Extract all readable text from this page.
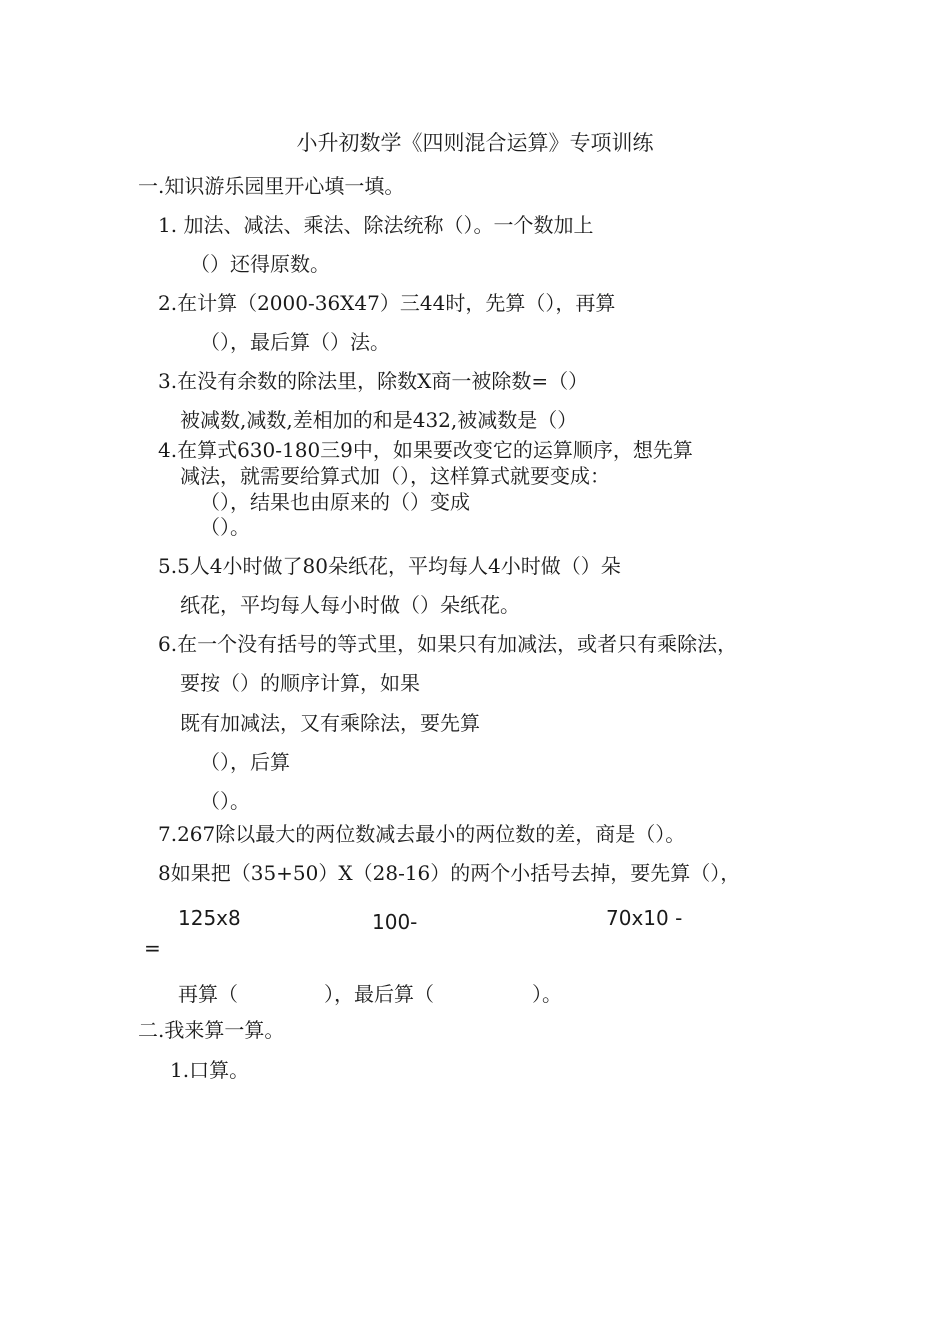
小升初数学《四则混合运算》专项训练
一.知识游乐园里开心填一填。
1. 加法、减法、乘法、除法统称（）。一个数加上
（）还得原数。
2.在计算（2000-36X47）三44时，先算（），再算
（），最后算（）法。
3.在没有余数的除法里，除数X商一被除数=（）
被减数,减数,差相加的和是432,被减数是（）
4.在算式630-180三9中，如果要改变它的运算顺序，想先算
减法，就需要给算式加（），这样算式就要变成：
（），结果也由原来的（）变成
（）。
5.5人4小时做了80朵纸花，平均每人4小时做（）朵
纸花，平均每人每小时做（）朵纸花。
6.在一个没有括号的等式里，如果只有加减法，或者只有乘除法，
要按（）的顺序计算，如果
既有加减法，又有乘除法，要先算
（），后算
（）。
7.267除以最大的两位数减去最小的两位数的差，商是（）。
8如果把（35+50）X（28-16）的两个小括号去掉，要先算（），
125x8	100-	70x10 -
=
再算（	），最后算（	）。
二.我来算一算。
1.口算。
